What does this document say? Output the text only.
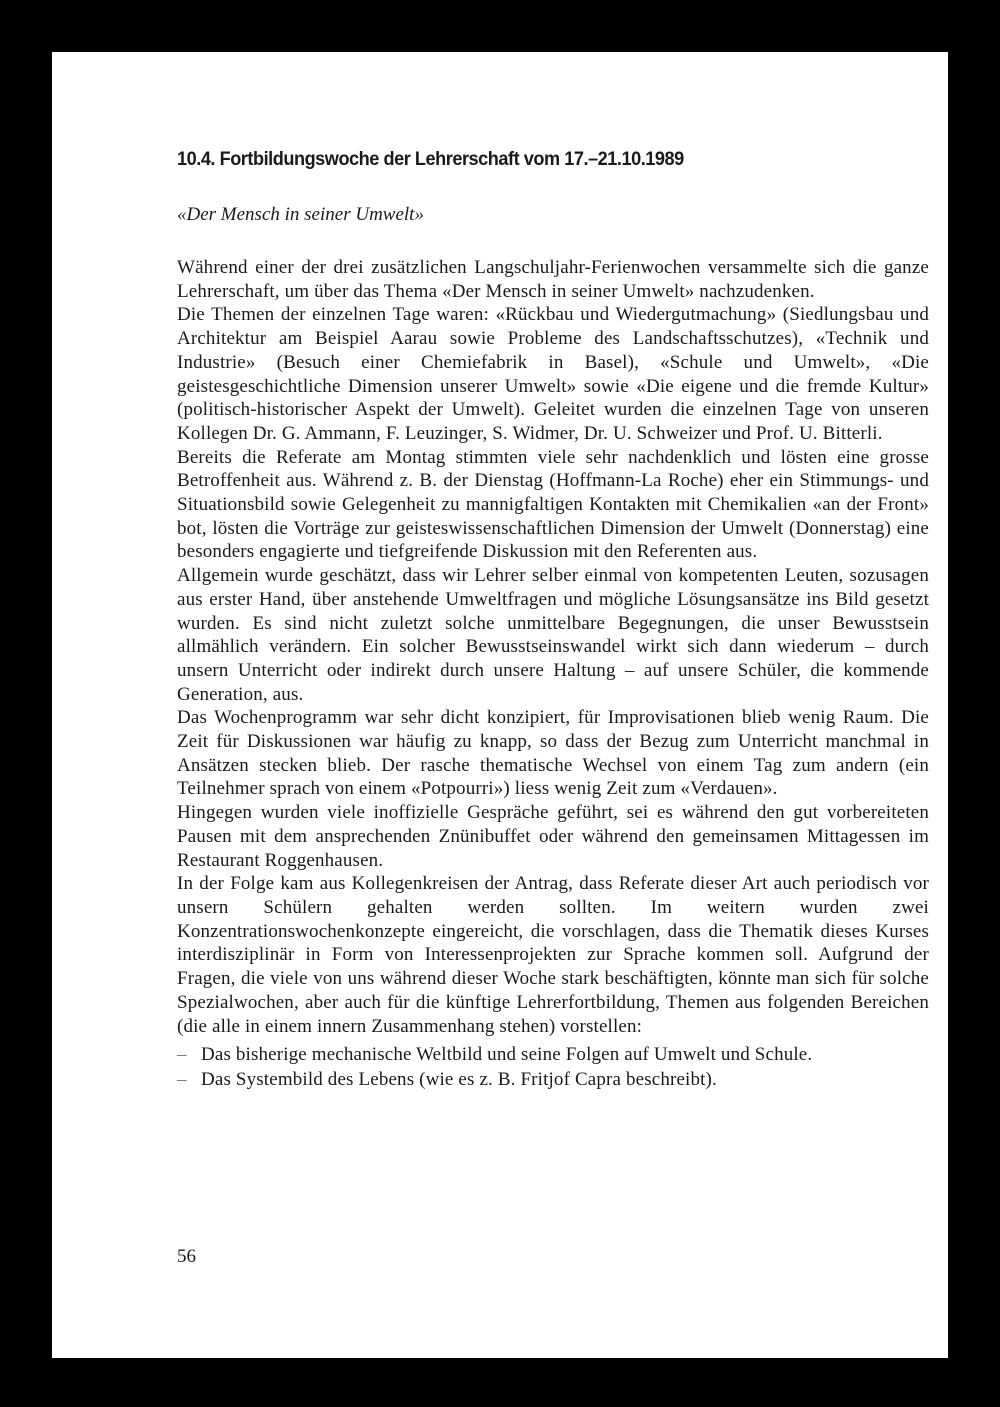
10.4. Fortbildungswoche der Lehrerschaft vom 17.–21.10.1989

«Der Mensch in seiner Umwelt»

Während einer der drei zusätzlichen Langschuljahr-Ferienwochen versammelte sich die ganze Lehrerschaft, um über das Thema «Der Mensch in seiner Umwelt» nachzudenken.

Die Themen der einzelnen Tage waren: «Rückbau und Wiedergutmachung» (Siedlungsbau und Architektur am Beispiel Aarau sowie Probleme des Landschaftsschutzes), «Technik und Industrie» (Besuch einer Chemiefabrik in Basel), «Schule und Umwelt», «Die geistesgeschichtliche Dimension unserer Umwelt» sowie «Die eigene und die fremde Kultur» (politisch-historischer Aspekt der Umwelt). Geleitet wurden die einzelnen Tage von unseren Kollegen Dr. G. Ammann, F. Leuzinger, S. Widmer, Dr. U. Schweizer und Prof. U. Bitterli.

Bereits die Referate am Montag stimmten viele sehr nachdenklich und lösten eine grosse Betroffenheit aus. Während z. B. der Dienstag (Hoffmann-La Roche) eher ein Stimmungs- und Situationsbild sowie Gelegenheit zu mannigfaltigen Kontakten mit Chemikalien «an der Front» bot, lösten die Vorträge zur geisteswissenschaftlichen Dimension der Umwelt (Donnerstag) eine besonders engagierte und tiefgreifende Diskussion mit den Referenten aus.

Allgemein wurde geschätzt, dass wir Lehrer selber einmal von kompetenten Leuten, sozusagen aus erster Hand, über anstehende Umweltfragen und mögliche Lösungsansätze ins Bild gesetzt wurden. Es sind nicht zuletzt solche unmittelbare Begegnungen, die unser Bewusstsein allmählich verändern. Ein solcher Bewusstseinswandel wirkt sich dann wiederum – durch unsern Unterricht oder indirekt durch unsere Haltung – auf unsere Schüler, die kommende Generation, aus.

Das Wochenprogramm war sehr dicht konzipiert, für Improvisationen blieb wenig Raum. Die Zeit für Diskussionen war häufig zu knapp, so dass der Bezug zum Unterricht manchmal in Ansätzen stecken blieb. Der rasche thematische Wechsel von einem Tag zum andern (ein Teilnehmer sprach von einem «Potpourri») liess wenig Zeit zum «Verdauen».

Hingegen wurden viele inoffizielle Gespräche geführt, sei es während den gut vorbereiteten Pausen mit dem ansprechenden Znünibuffet oder während den gemeinsamen Mittagessen im Restaurant Roggenhausen.

In der Folge kam aus Kollegenkreisen der Antrag, dass Referate dieser Art auch periodisch vor unsern Schülern gehalten werden sollten. Im weitern wurden zwei Konzentrationswochenkonzepte eingereicht, die vorschlagen, dass die Thematik dieses Kurses interdisziplinär in Form von Interessenprojekten zur Sprache kommen soll. Aufgrund der Fragen, die viele von uns während dieser Woche stark beschäftigten, könnte man sich für solche Spezialwochen, aber auch für die künftige Lehrerfortbildung, Themen aus folgenden Bereichen (die alle in einem innern Zusammenhang stehen) vorstellen:

– Das bisherige mechanische Weltbild und seine Folgen auf Umwelt und Schule.
– Das Systembild des Lebens (wie es z. B. Fritjof Capra beschreibt).

56
